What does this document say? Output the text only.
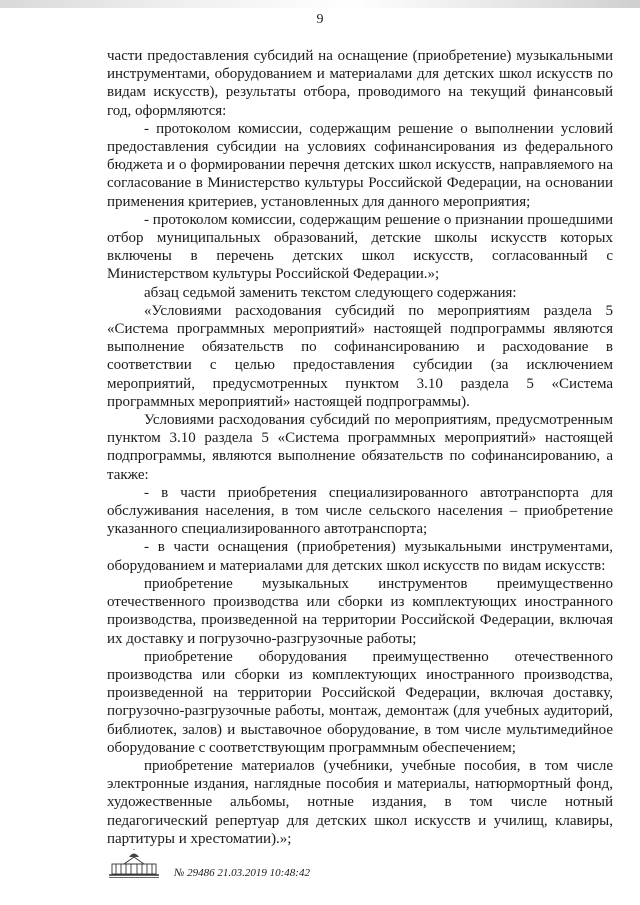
9

части предоставления субсидий на оснащение (приобретение) музыкальными инструментами, оборудованием и материалами для детских школ искусств по видам искусств), результаты отбора, проводимого на текущий финансовый год, оформляются:

- протоколом комиссии, содержащим решение о выполнении условий предоставления субсидии на условиях софинансирования из федерального бюджета и о формировании перечня детских школ искусств, направляемого на согласование в Министерство культуры Российской Федерации, на основании применения критериев, установленных для данного мероприятия;

- протоколом комиссии, содержащим решение о признании прошедшими отбор муниципальных образований, детские школы искусств которых включены в перечень детских школ искусств, согласованный с Министерством культуры Российской Федерации.»;

абзац седьмой заменить текстом следующего содержания:

«Условиями расходования субсидий по мероприятиям раздела 5 «Система программных мероприятий» настоящей подпрограммы являются выполнение обязательств по софинансированию и расходование в соответствии с целью предоставления субсидии (за исключением мероприятий, предусмотренных пунктом 3.10 раздела 5 «Система программных мероприятий» настоящей подпрограммы).

Условиями расходования субсидий по мероприятиям, предусмотренным пунктом 3.10 раздела 5 «Система программных мероприятий» настоящей подпрограммы, являются выполнение обязательств по софинансированию, а также:

- в части приобретения специализированного автотранспорта для обслуживания населения, в том числе сельского населения – приобретение указанного специализированного автотранспорта;

- в части оснащения (приобретения) музыкальными инструментами, оборудованием и материалами для детских школ искусств по видам искусств:

приобретение музыкальных инструментов преимущественно отечественного производства или сборки из комплектующих иностранного производства, произведенной на территории Российской Федерации, включая их доставку и погрузочно-разгрузочные работы;

приобретение оборудования преимущественно отечественного производства или сборки из комплектующих иностранного производства, произведенной на территории Российской Федерации, включая доставку, погрузочно-разгрузочные работы, монтаж, демонтаж (для учебных аудиторий, библиотек, залов) и выставочное оборудование, в том числе мультимедийное оборудование с соответствующим программным обеспечением;

приобретение материалов (учебники, учебные пособия, в том числе электронные издания, наглядные пособия и материалы, натюрмортный фонд, художественные альбомы, нотные издания, в том числе нотный педагогический репертуар для детских школ искусств и училищ, клавиры, партитуры и хрестоматии).»;

№ 29486 21.03.2019 10:48:42
